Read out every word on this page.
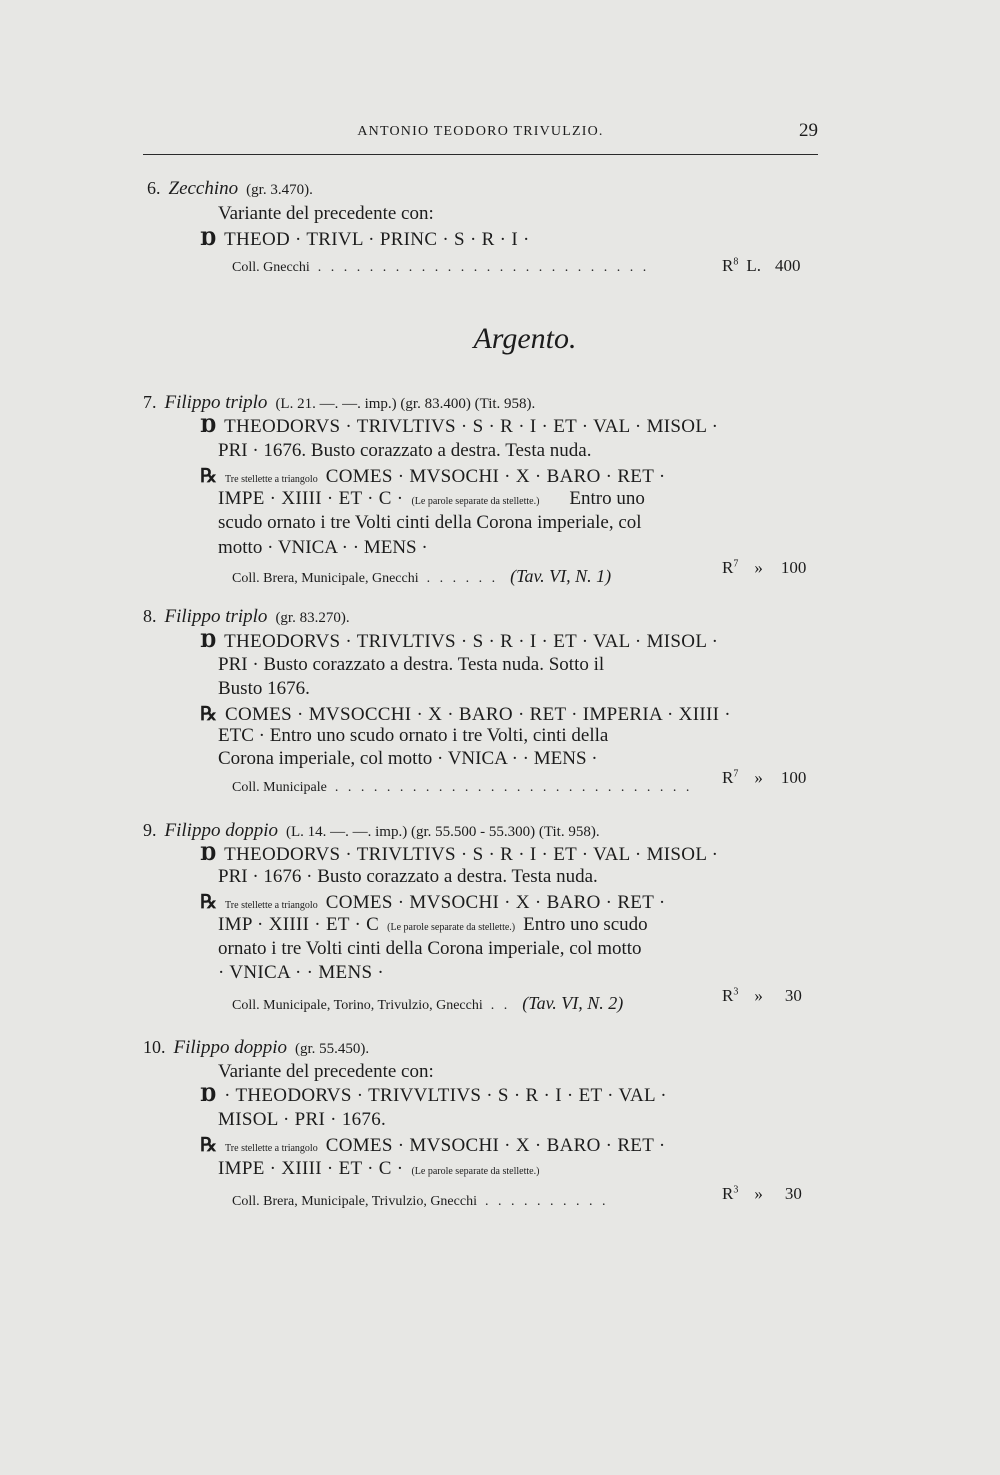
ANTONIO TEODORO TRIVULZIO.	29
6. Zecchino (gr. 3.470).
Variante del precedente con:
Ɒ THEOD · TRIVL · PRINC · S · R · I ·
Coll. Gnecchi . . . . . . . . . . . . . . . . . . . . . . . . . .	$R^8$ L. 400
Argento.
7. Filippo triplo (L. 21. —. —. imp.) (gr. 83.400) (Tit. 958).
Ɒ THEODORVS · TRIVLTIVS · S · R · I · ET · VAL · MISOL ·
PRI · 1676. Busto corazzato a destra. Testa nuda.
℞ Tre stellette a triangolo COMES · MVSOCHI · X · BARO · RET ·
IMPE · XIIII · ET · C · (Le parole separate da stellette.) Entro uno
scudo ornato i tre Volti cinti della Corona imperiale, col
motto · VNICA · · MENS ·
Coll. Brera, Municipale, Gnecchi . . . . . . (Tav. VI, N. 1)	$R^7$ » 100
8. Filippo triplo (gr. 83.270).
Ɒ THEODORVS · TRIVLTIVS · S · R · I · ET · VAL · MISOL ·
PRI · Busto corazzato a destra. Testa nuda. Sotto il
Busto 1676.
℞ COMES · MVSOCCHI · X · BARO · RET · IMPERIA · XIIII ·
ETC · Entro uno scudo ornato i tre Volti, cinti della
Corona imperiale, col motto · VNICA · · MENS ·
Coll. Municipale . . . . . . . . . . . . . . . . . . . . . . . . . . . .
$R^7$ » 100
9. Filippo doppio (L. 14. —. —. imp.) (gr. 55.500 - 55.300) (Tit. 958).
Ɒ THEODORVS · TRIVLTIVS · S · R · I · ET · VAL · MISOL ·
PRI · 1676 · Busto corazzato a destra. Testa nuda.
℞ Tre stellette a triangolo COMES · MVSOCHI · X · BARO · RET ·
IMP · XIIII · ET · C (Le parole separate da stellette.) Entro uno scudo
ornato i tre Volti cinti della Corona imperiale, col motto
· VNICA · · MENS ·
Coll. Municipale, Torino, Trivulzio, Gnecchi . . (Tav. VI, N. 2)	$R^3$ » 30
10. Filippo doppio (gr. 55.450).
Variante del precedente con:
Ɒ · THEODORVS · TRIVVLTIVS · S · R · I · ET · VAL ·
MISOL · PRI · 1676.
℞ Tre stellette a triangolo COMES · MVSOCHI · X · BARO · RET ·
IMPE · XIIII · ET · C · (Le parole separate da stellette.)
Coll. Brera, Municipale, Trivulzio, Gnecchi . . . . . . . . . .	$R^3$ » 30
